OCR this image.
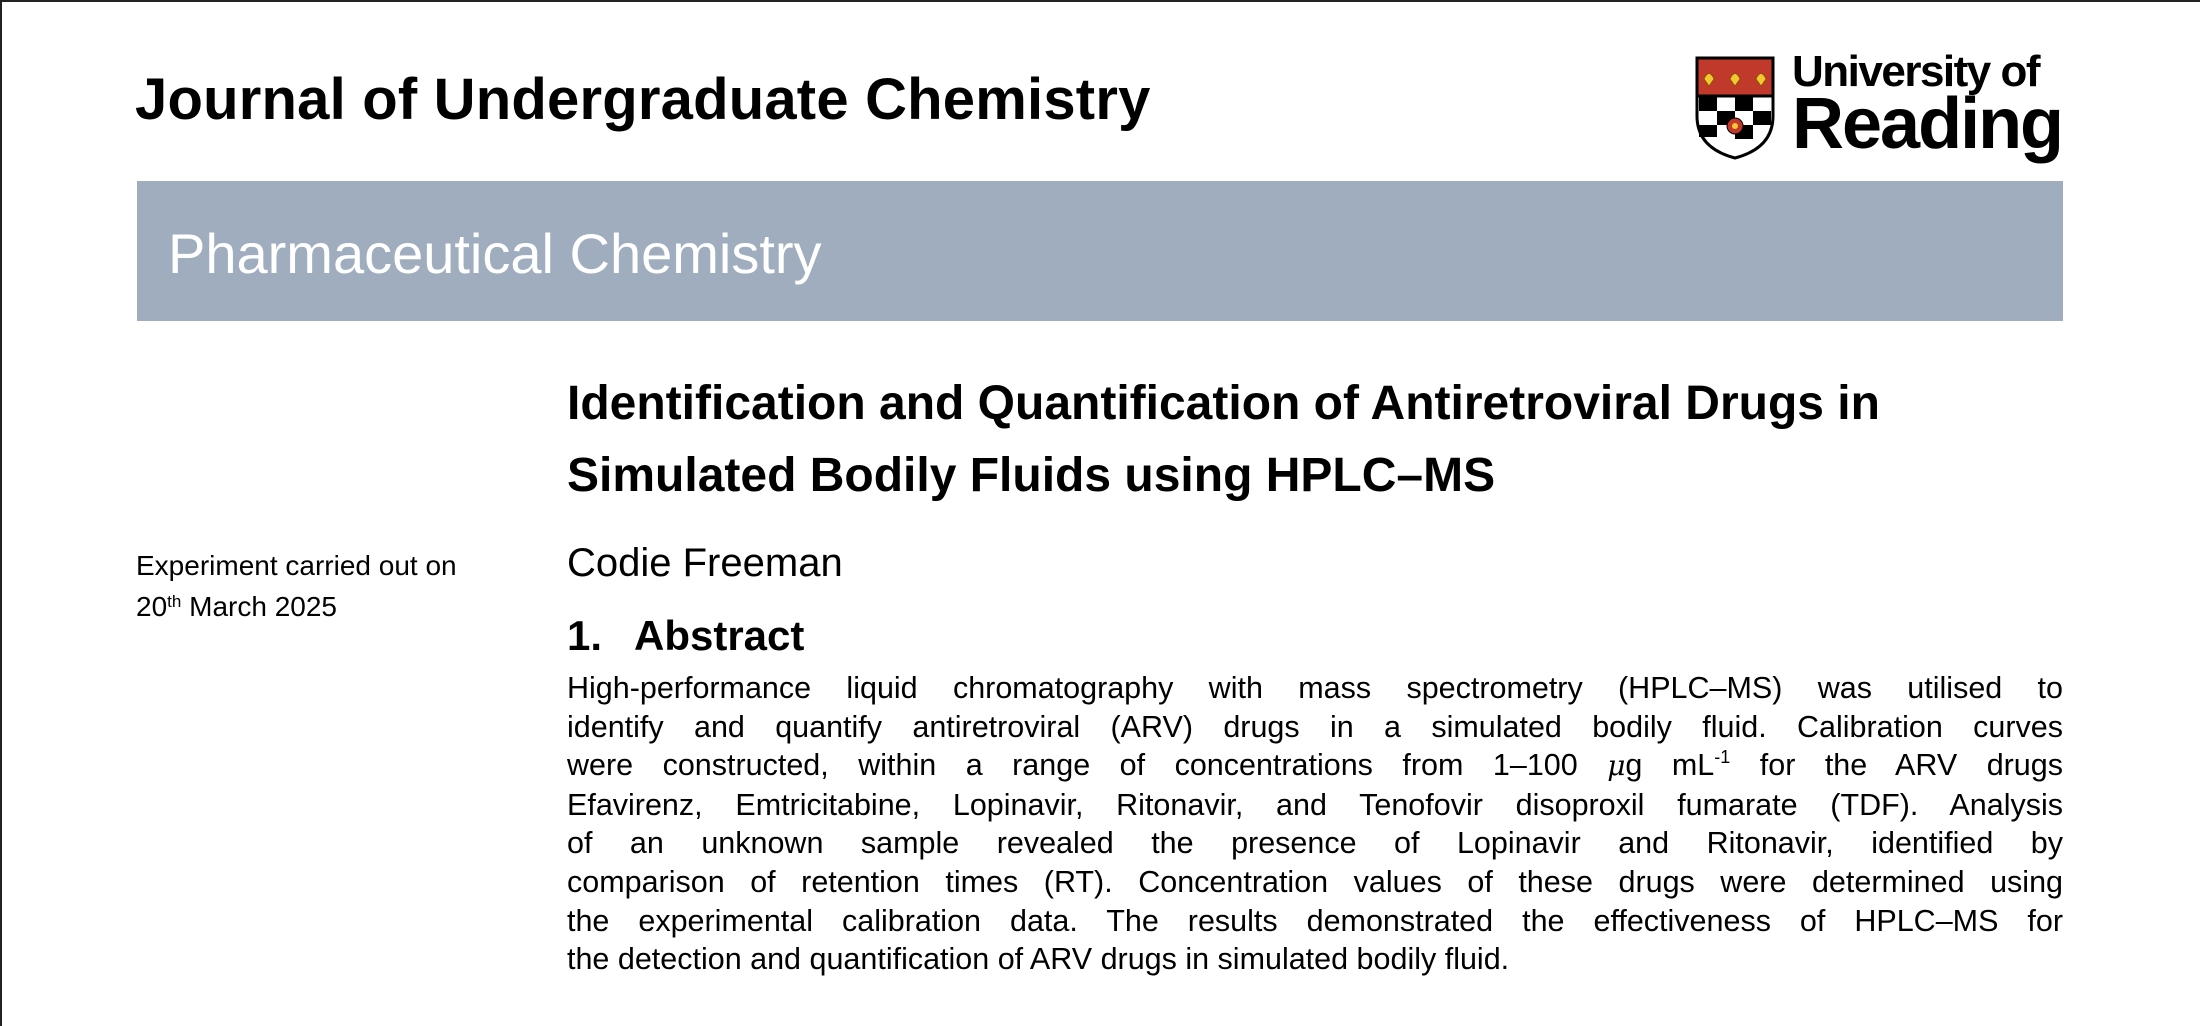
Journal of Undergraduate Chemistry	University of
Reading
Pharmaceutical Chemistry
Identification and Quantification of Antiretroviral Drugs in Simulated Bodily Fluids using HPLC–MS
Experiment carried out on
20th March 2025
Codie Freeman
1. Abstract
High-performance liquid chromatography with mass spectrometry (HPLC–MS) was utilised to
identify and quantify antiretroviral (ARV) drugs in a simulated bodily fluid. Calibration curves
were constructed, within a range of concentrations from 1–100 μg $mL^{-1}$ for the ARV drugs
Efavirenz, Emtricitabine, Lopinavir, Ritonavir, and Tenofovir disoproxil fumarate (TDF). Analysis
of an unknown sample revealed the presence of Lopinavir and Ritonavir, identified by
comparison of retention times (RT). Concentration values of these drugs were determined using
the experimental calibration data. The results demonstrated the effectiveness of HPLC–MS for
the detection and quantification of ARV drugs in simulated bodily fluid.
